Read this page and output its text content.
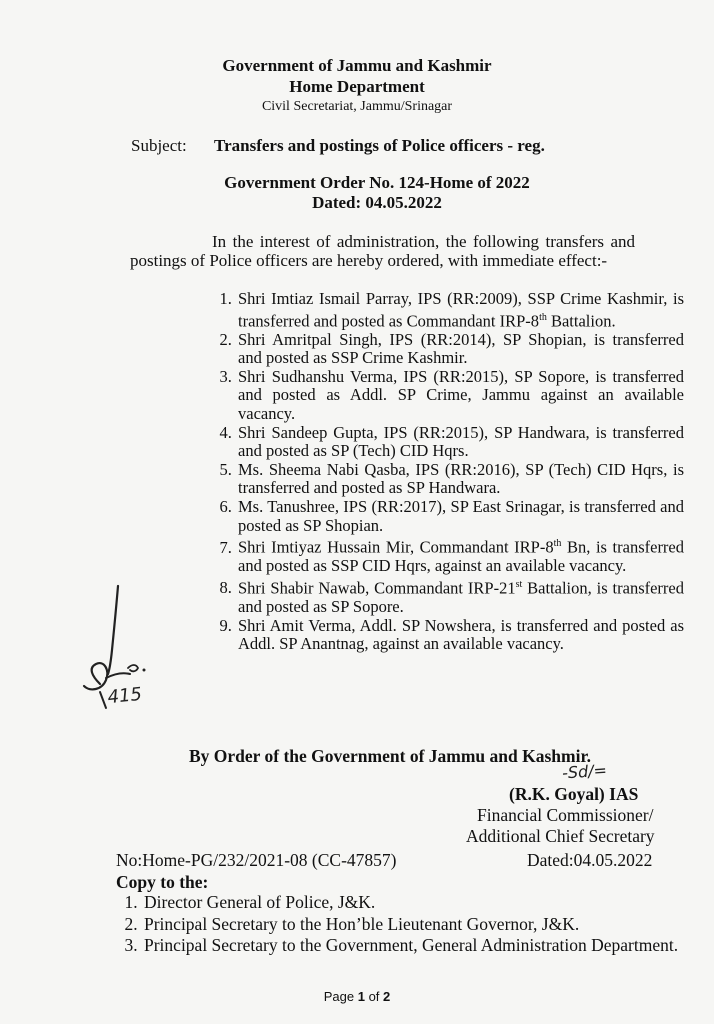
Government of Jammu and Kashmir
Home Department
Civil Secretariat, Jammu/Srinagar
Subject: Transfers and postings of Police officers - reg.
Government Order No. 124-Home of 2022
Dated: 04.05.2022
In the interest of administration, the following transfers and postings of Police officers are hereby ordered, with immediate effect:-
1. Shri Imtiaz Ismail Parray, IPS (RR:2009), SSP Crime Kashmir, is transferred and posted as Commandant IRP-8th Battalion.
2. Shri Amritpal Singh, IPS (RR:2014), SP Shopian, is transferred and posted as SSP Crime Kashmir.
3. Shri Sudhanshu Verma, IPS (RR:2015), SP Sopore, is transferred and posted as Addl. SP Crime, Jammu against an available vacancy.
4. Shri Sandeep Gupta, IPS (RR:2015), SP Handwara, is transferred and posted as SP (Tech) CID Hqrs.
5. Ms. Sheema Nabi Qasba, IPS (RR:2016), SP (Tech) CID Hqrs, is transferred and posted as SP Handwara.
6. Ms. Tanushree, IPS (RR:2017), SP East Srinagar, is transferred and posted as SP Shopian.
7. Shri Imtiyaz Hussain Mir, Commandant IRP-8th Bn, is transferred and posted as SSP CID Hqrs, against an available vacancy.
8. Shri Shabir Nawab, Commandant IRP-21st Battalion, is transferred and posted as SP Sopore.
9. Shri Amit Verma, Addl. SP Nowshera, is transferred and posted as Addl. SP Anantnag, against an available vacancy.
By Order of the Government of Jammu and Kashmir.
-Sd/=
(R.K. Goyal) IAS
Financial Commissioner/
Additional Chief Secretary
No:Home-PG/232/2021-08 (CC-47857)	Dated:04.05.2022
Copy to the:
1. Director General of Police, J&K.
2. Principal Secretary to the Hon’ble Lieutenant Governor, J&K.
3. Principal Secretary to the Government, General Administration Department.
Page 1 of 2
415
